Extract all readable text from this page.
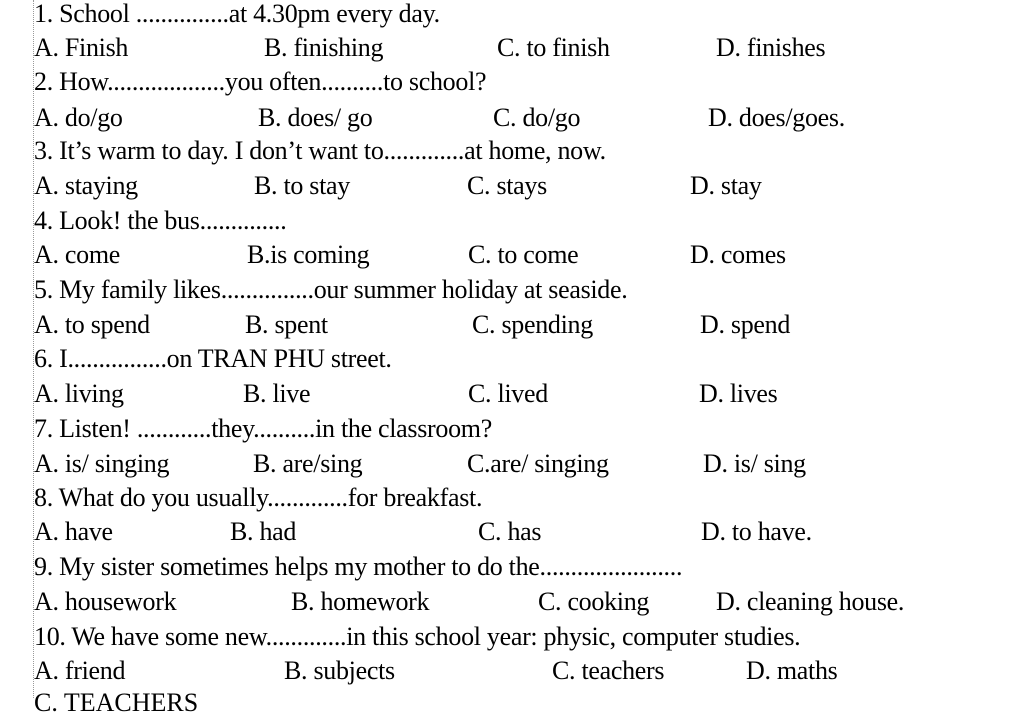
1. School ...............at 4.30pm every day.
A. Finish	B. finishing	C. to finish	D. finishes
2. How...................you often..........to school?
A. do/go	B. does/ go	C. do/go	D. does/goes.
3. It’s warm to day. I don’t want to.............at home, now.
A. staying	B. to stay	C. stays	D. stay
4. Look! the bus..............
A. come	B.is coming	C. to come	D. comes
5. My family likes...............our summer holiday at seaside.
A. to spend	B. spent	C. spending	D. spend
6. I................on TRAN PHU street.
A. living	B. live	C. lived	D. lives
7. Listen! ............they..........in the classroom?
A. is/ singing	B. are/sing	C.are/ singing	D. is/ sing
8. What do you usually.............for breakfast.
A. have	B. had	C. has	D. to have.
9. My sister sometimes helps my mother to do the.......................
A. housework	B. homework	C. cooking	D. cleaning house.
10. We have some new.............in this school year: physic, computer studies.
A. friend	B. subjects	C. teachers	D. maths
C. TEACHERS
